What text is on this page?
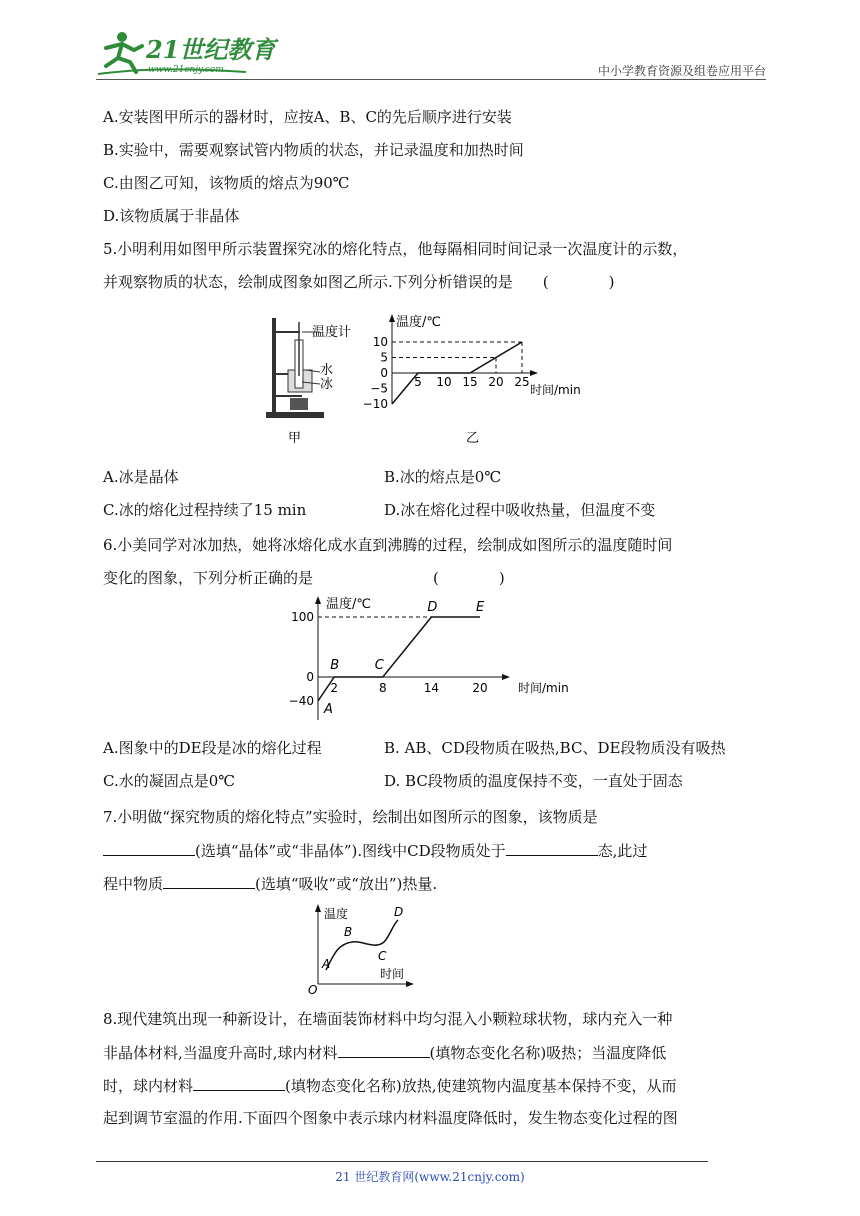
21世纪教育
www.21cnjy.com	中小学教育资源及组卷应用平台
A.安装图甲所示的器材时，应按A、B、C的先后顺序进行安装
B.实验中，需要观察试管内物质的状态，并记录温度和加热时间
C.由图乙可知，该物质的熔点为90℃
D.该物质属于非晶体
5.小明利用如图甲所示装置探究冰的熔化特点，他每隔相同时间记录一次温度计的示数，
并观察物质的状态，绘制成图象如图乙所示.下列分析错误的是　　(　　　　)
温度计
水
冰
甲
温度/℃
时间/min
乙
5 10 15 20 25
10
5
0
−5
−10
A.冰是晶体	B.冰的熔点是0℃
C.冰的熔化过程持续了15 min	D.冰在熔化过程中吸收热量，但温度不变
6.小美同学对冰加热，她将冰熔化成水直到沸腾的过程，绘制成如图所示的温度随时间
变化的图象，下列分析正确的是　　　　　　　　(　　　　)
温度/℃
时间/min
2	8	14	20
100
0
−40
A
B	C
D	E
A.图象中的DE段是冰的熔化过程	B. AB、CD段物质在吸热,BC、DE段物质没有吸热
C.水的凝固点是0℃	D. BC段物质的温度保持不变，一直处于固态
7.小明做“探究物质的熔化特点”实验时，绘制出如图所示的图象，该物质是
(选填“晶体”或“非晶体”).图线中CD段物质处于	态,此过
程中物质	(选填“吸收”或“放出”)热量.
温度
时间
O
A
B
C
D
8.现代建筑出现一种新设计，在墙面装饰材料中均匀混入小颗粒球状物，球内充入一种
非晶体材料,当温度升高时,球内材料	(填物态变化名称)吸热；当温度降低
时，球内材料	(填物态变化名称)放热,使建筑物内温度基本保持不变，从而
起到调节室温的作用.下面四个图象中表示球内材料温度降低时，发生物态变化过程的图
21 世纪教育网(www.21cnjy.com)
